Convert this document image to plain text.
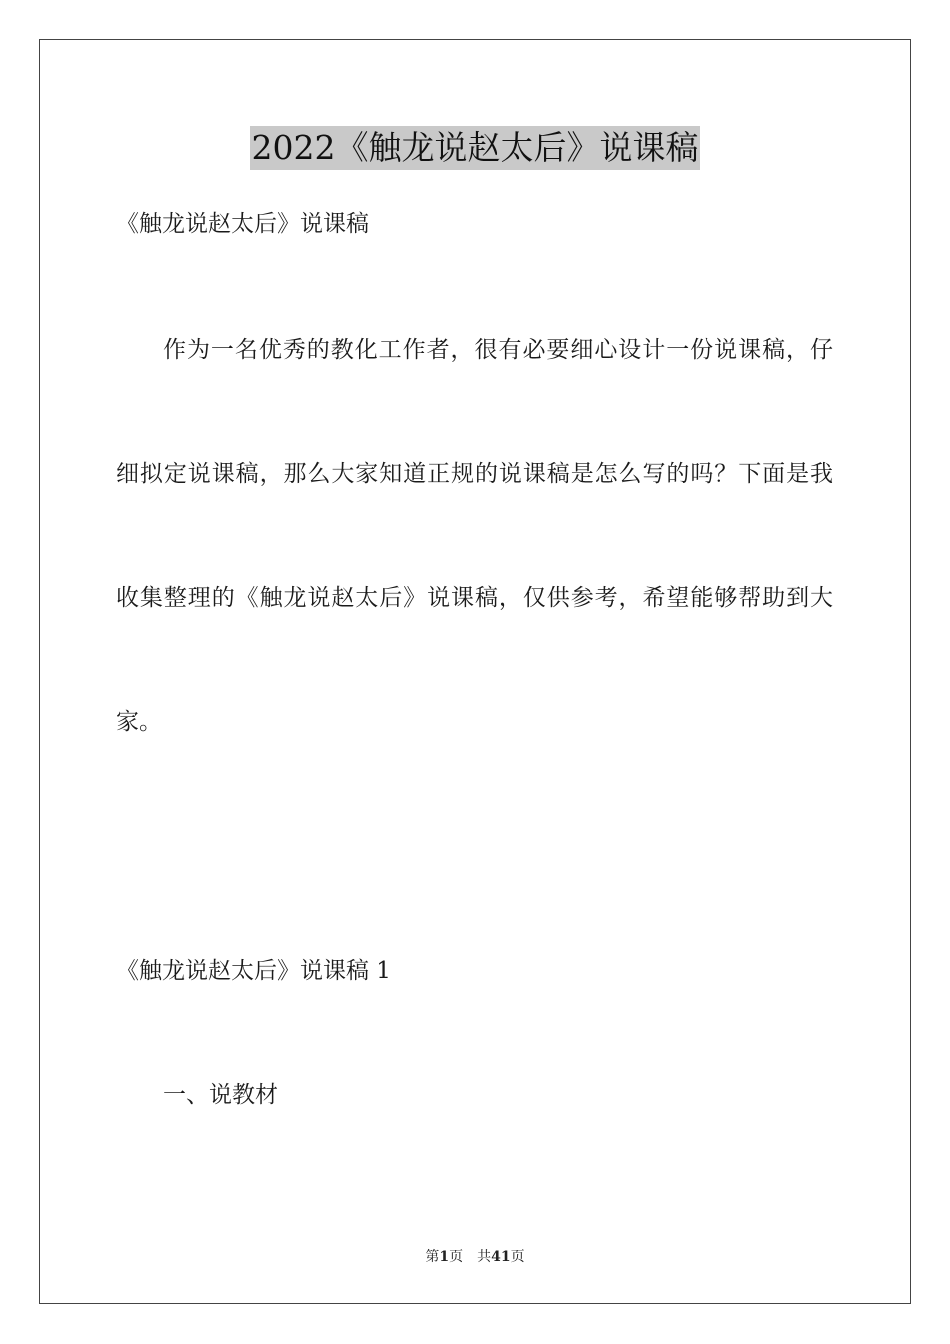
2022《触龙说赵太后》说课稿
《触龙说赵太后》说课稿
作为一名优秀的教化工作者，很有必要细心设计一份说课稿，仔
细拟定说课稿，那么大家知道正规的说课稿是怎么写的吗？下面是我
收集整理的《触龙说赵太后》说课稿，仅供参考，希望能够帮助到大
家。
《触龙说赵太后》说课稿 1
一、说教材
第1页 共41页
